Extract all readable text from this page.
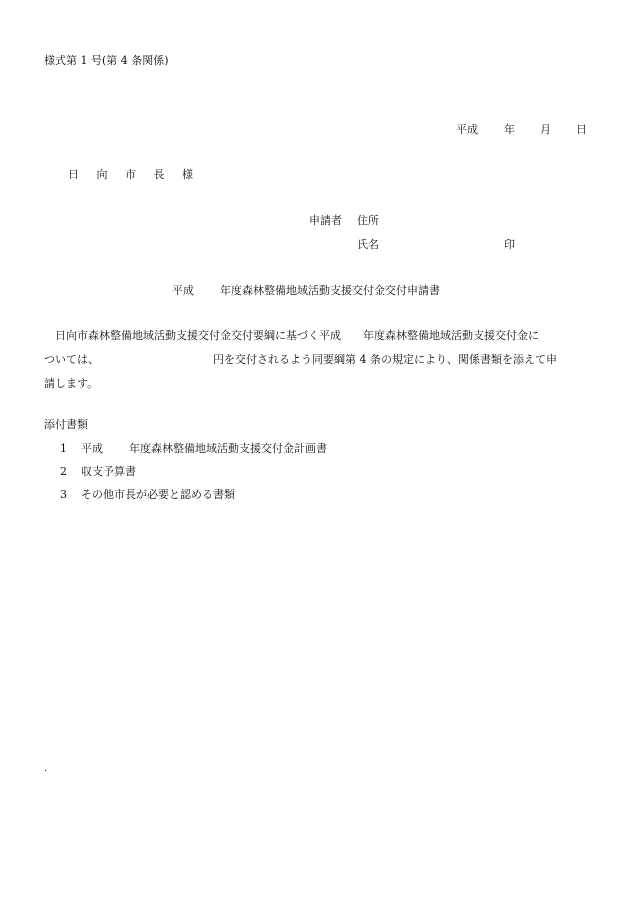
様式第 1 号(第 4 条関係)
平成 年 月 日
日 向 市 長 様
申請者 住所
氏名	印
平成 年度森林整備地域活動支援交付金交付申請書
日向市森林整備地域活動支援交付金交付要綱に基づく平成 年度森林整備地域活動支援交付金に
ついては、	円を交付されるよう同要綱第 4 条の規定により、関係書類を添えて申
請します。
添付書類
1 平成 年度森林整備地域活動支援交付金計画書
2 収支予算書
3 その他市長が必要と認める書類
.
